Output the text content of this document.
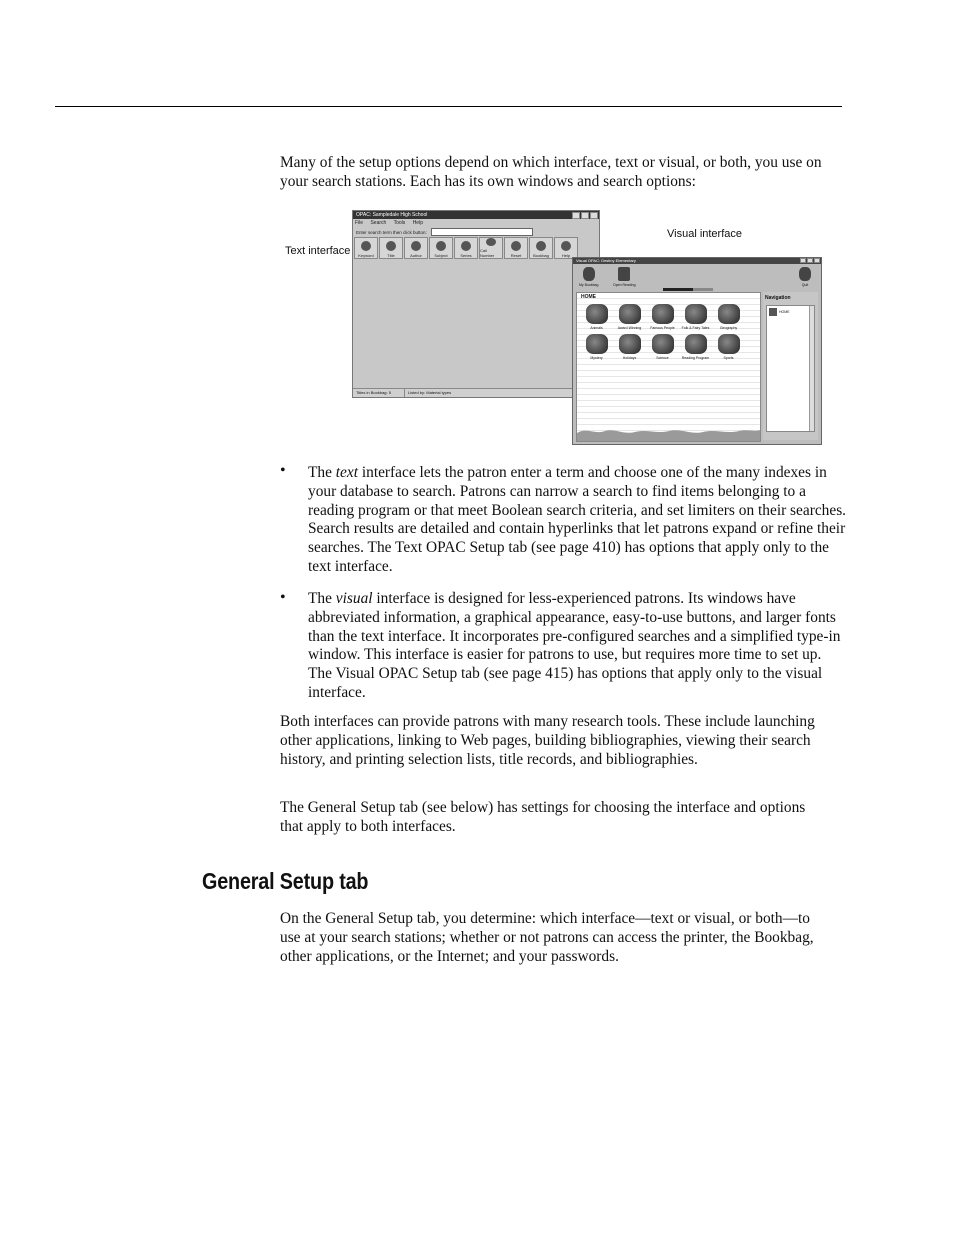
Many of the setup options depend on which interface, text or visual, or both, you use on your search stations. Each has its own windows and search options:

Text interface
Visual interface
OPAC: Sampledale High School
File Search Tools Help
Enter search term then click button:
Keyword	Title	Author	Subject	Series
Call Number	Reset	Bookbag	Help
Titles in Bookbag: 5	Listed by: Material types
Visual OPAC: Destiny Elementary
My Bookbag	Open Reading	Quit
HOME
Animals	Award Winning	Famous People Folk & Fairy Tales	Geography
Mystery	Holidays	Science	Reading Program	Sports
Navigation
HOME
• The text interface lets the patron enter a term and choose one of the many indexes in your database to search. Patrons can narrow a search to find items belonging to a reading program or that meet Boolean search criteria, and set limiters on their searches. Search results are detailed and contain hyperlinks that let patrons expand or refine their searches. The Text OPAC Setup tab (see page 410) has options that apply only to the text interface.

• The visual interface is designed for less-experienced patrons. Its windows have abbreviated information, a graphical appearance, easy-to-use buttons, and larger fonts than the text interface. It incorporates pre-configured searches and a simplified type-in window. This interface is easier for patrons to use, but requires more time to set up. The Visual OPAC Setup tab (see page 415) has options that apply only to the visual interface.

Both interfaces can provide patrons with many research tools. These include launching other applications, linking to Web pages, building bibliographies, viewing their search history, and printing selection lists, title records, and bibliographies.

The General Setup tab (see below) has settings for choosing the interface and options that apply to both interfaces.

General Setup tab

On the General Setup tab, you determine: which interface—text or visual, or both—to use at your search stations; whether or not patrons can access the printer, the Bookbag, other applications, or the Internet; and your passwords.
